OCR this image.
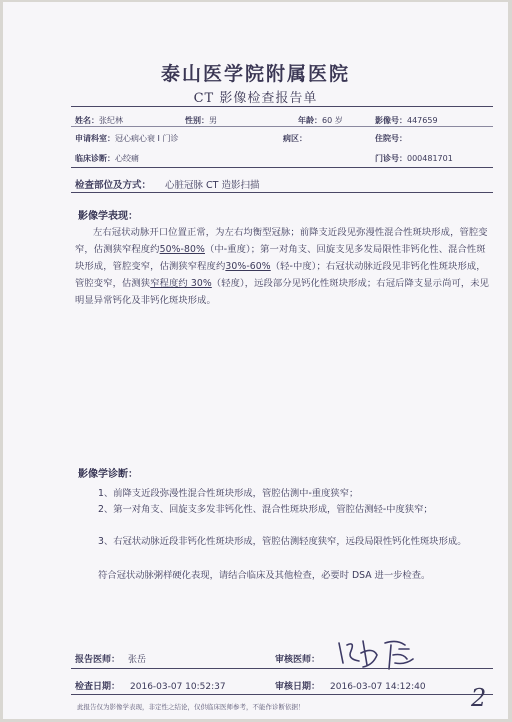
泰山医学院附属医院
CT 影像检查报告单
姓名：张纪林	性别：男	年龄：60 岁	影像号：447659
申请科室：冠心病心衰 I 门诊	病区：	住院号：
临床诊断：心绞痛	门诊号：000481701
检查部位及方式： 心脏冠脉 CT 造影扫描
影像学表现：
左右冠状动脉开口位置正常，为左右均衡型冠脉；前降支近段见弥漫性混合性斑块形成，管腔变窄，估测狭窄程度约50%-80%（中-重度）；第一对角支、回旋支见多发局限性非钙化性、混合性斑块形成，管腔变窄，估测狭窄程度约30%-60%（轻-中度）；右冠状动脉近段见非钙化性斑块形成，管腔变窄，估测狭窄程度约 30%（轻度），远段部分见钙化性斑块形成；右冠后降支显示尚可，未见明显异常钙化及非钙化斑块形成。
影像学诊断：
1、前降支近段弥漫性混合性斑块形成，管腔估测中-重度狭窄；
2、第一对角支、回旋支多发非钙化性、混合性斑块形成，管腔估测轻-中度狭窄；
3、右冠状动脉近段非钙化性斑块形成，管腔估测轻度狭窄，远段局限性钙化性斑块形成。
符合冠状动脉粥样硬化表现，请结合临床及其他检查，必要时 DSA 进一步检查。
报告医师： 张岳	审核医师：
检查日期： 2016-03-07 10:52:37	审核日期： 2016-03-07 14:12:40 2
此报告仅为影像学表现，非定性之结论，仅供临床医师参考，不能作诊断依据！
